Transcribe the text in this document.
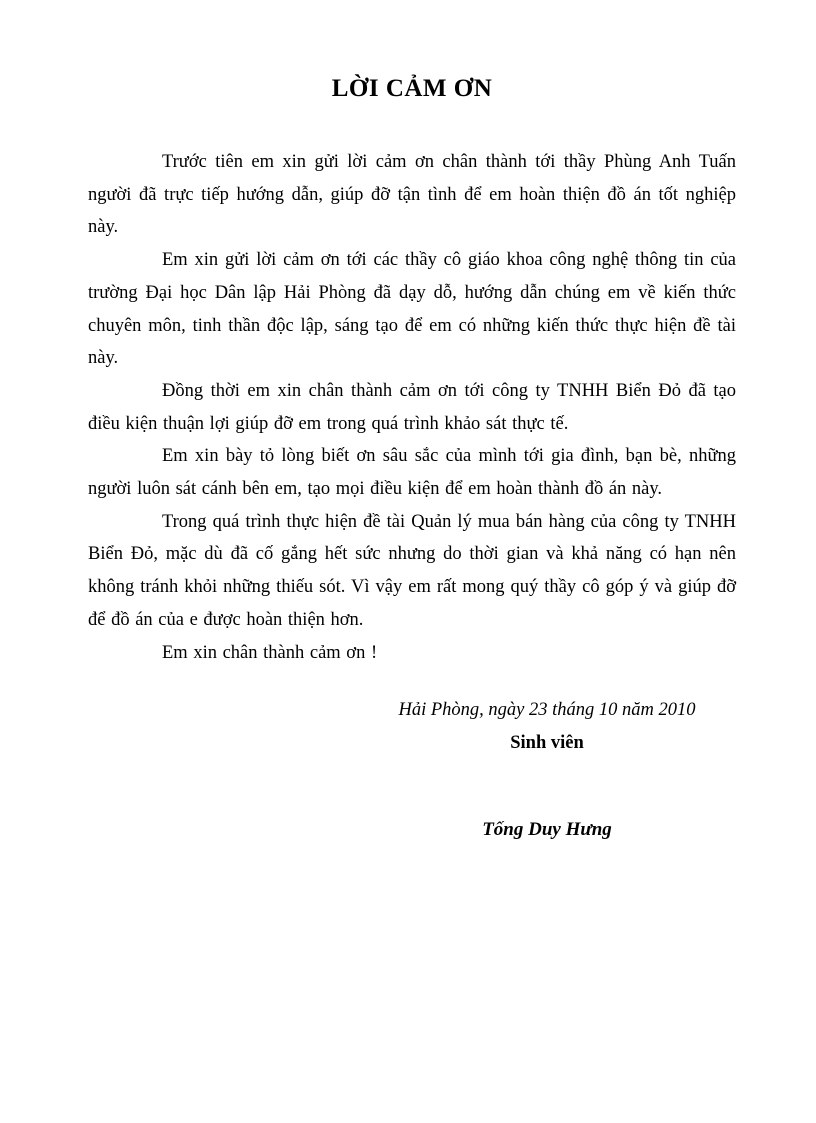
LỜI CẢM ƠN

Trước tiên em xin gửi lời cảm ơn chân thành tới thầy Phùng Anh Tuấn người đã trực tiếp hướng dẫn, giúp đỡ tận tình để em hoàn thiện đồ án tốt nghiệp này.

Em xin gửi lời cảm ơn tới các thầy cô giáo khoa công nghệ thông tin của trường Đại học Dân lập Hải Phòng đã dạy dỗ, hướng dẫn chúng em về kiến thức chuyên môn, tinh thần độc lập, sáng tạo để em có những kiến thức thực hiện đề tài này.

Đồng thời em xin chân thành cảm ơn tới công ty TNHH Biển Đỏ đã tạo điều kiện thuận lợi giúp đỡ em trong quá trình khảo sát thực tế.

Em xin bày tỏ lòng biết ơn sâu sắc của mình tới gia đình, bạn bè, những người luôn sát cánh bên em, tạo mọi điều kiện để em hoàn thành đồ án này.

Trong quá trình thực hiện đề tài Quản lý mua bán hàng của công ty TNHH Biển Đỏ, mặc dù đã cố gắng hết sức nhưng do thời gian và khả năng có hạn nên không tránh khỏi những thiếu sót. Vì vậy em rất mong quý thầy cô góp ý và giúp đỡ để đồ án của e được hoàn thiện hơn.

Em xin chân thành cảm ơn !

Hải Phòng, ngày 23 tháng 10 năm 2010
Sinh viên
Tống Duy Hưng
